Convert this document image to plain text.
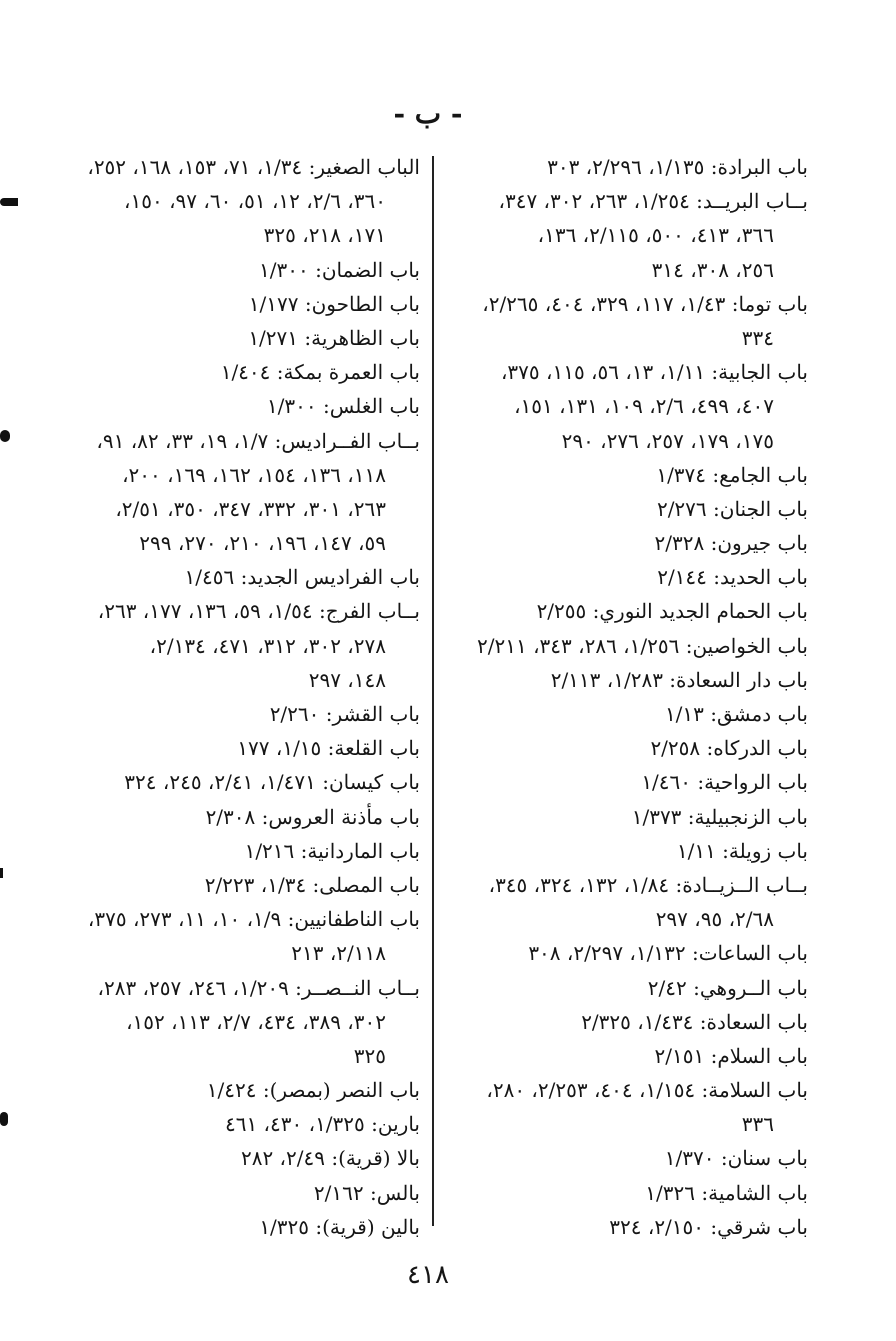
- ب -
باب البرادة: ١/١٣٥، ٢/٢٩٦، ٣٠٣
بــاب البريــد: ١/٢٥٤، ٢٦٣، ٣٠٢، ٣٤٧،
٣٦٦، ٤١٣، ٥٠٠، ٢/١١٥، ١٣٦،
٢٥٦، ٣٠٨، ٣١٤
باب توما: ١/٤٣، ١١٧، ٣٢٩، ٤٠٤، ٢/٢٦٥،
٣٣٤
باب الجابية: ١/١١، ١٣، ٥٦، ١١٥، ٣٧٥،
٤٠٧، ٤٩٩، ٢/٦، ١٠٩، ١٣١، ١٥١،
١٧٥، ١٧٩، ٢٥٧، ٢٧٦، ٢٩٠
باب الجامع: ١/٣٧٤
باب الجنان: ٢/٢٧٦
باب جيرون: ٢/٣٢٨
باب الحديد: ٢/١٤٤
باب الحمام الجديد النوري: ٢/٢٥٥
باب الخواصين: ١/٢٥٦، ٢٨٦، ٣٤٣، ٢/٢١١
باب دار السعادة: ١/٢٨٣، ٢/١١٣
باب دمشق: ١/١٣
باب الدركاه: ٢/٢٥٨
باب الرواحية: ١/٤٦٠
باب الزنجبيلية: ١/٣٧٣
باب زويلة: ١/١١
بــاب الــزيــادة: ١/٨٤، ١٣٢، ٣٢٤، ٣٤٥،
٢/٦٨، ٩٥، ٢٩٧
باب الساعات: ١/١٣٢، ٢/٢٩٧، ٣٠٨
باب الــروهي: ٢/٤٢
باب السعادة: ١/٤٣٤، ٢/٣٢٥
باب السلام: ٢/١٥١
باب السلامة: ١/١٥٤، ٤٠٤، ٢/٢٥٣، ٢٨٠،
٣٣٦
باب سنان: ١/٣٧٠
باب الشامية: ١/٣٢٦
باب شرقي: ٢/١٥٠، ٣٢٤
الباب الصغير: ١/٣٤، ٧١، ١٥٣، ١٦٨، ٢٥٢،
٣٦٠، ٢/٦، ١٢، ٥١، ٦٠، ٩٧، ١٥٠،
١٧١، ٢١٨، ٣٢٥
باب الضمان: ١/٣٠٠
باب الطاحون: ١/١٧٧
باب الظاهرية: ١/٢٧١
باب العمرة بمكة: ١/٤٠٤
باب الغلس: ١/٣٠٠
بــاب الفــراديس: ١/٧، ١٩، ٣٣، ٨٢، ٩١،
١١٨، ١٣٦، ١٥٤، ١٦٢، ١٦٩، ٢٠٠،
٢٦٣، ٣٠١، ٣٣٢، ٣٤٧، ٣٥٠، ٢/٥١،
٥٩، ١٤٧، ١٩٦، ٢١٠، ٢٧٠، ٢٩٩
باب الفراديس الجديد: ١/٤٥٦
بــاب الفرج: ١/٥٤، ٥٩، ١٣٦، ١٧٧، ٢٦٣،
٢٧٨، ٣٠٢، ٣١٢، ٤٧١، ٢/١٣٤،
١٤٨، ٢٩٧
باب القشر: ٢/٢٦٠
باب القلعة: ١/١٥، ١٧٧
باب كيسان: ١/٤٧١، ٢/٤١، ٢٤٥، ٣٢٤
باب مأذنة العروس: ٢/٣٠٨
باب الماردانية: ١/٢١٦
باب المصلى: ١/٣٤، ٢/٢٢٣
باب الناطفانيين: ١/٩، ١٠، ١١، ٢٧٣، ٣٧٥،
٢/١١٨، ٢١٣
بــاب النــصــر: ١/٢٠٩، ٢٤٦، ٢٥٧، ٢٨٣،
٣٠٢، ٣٨٩، ٤٣٤، ٢/٧، ١١٣، ١٥٢،
٣٢٥
باب النصر (بمصر): ١/٤٢٤
بارين: ١/٣٢٥، ٤٣٠، ٤٦١
بالا (قرية): ٢/٤٩، ٢٨٢
بالس: ٢/١٦٢
بالين (قرية): ١/٣٢٥
٤١٨
